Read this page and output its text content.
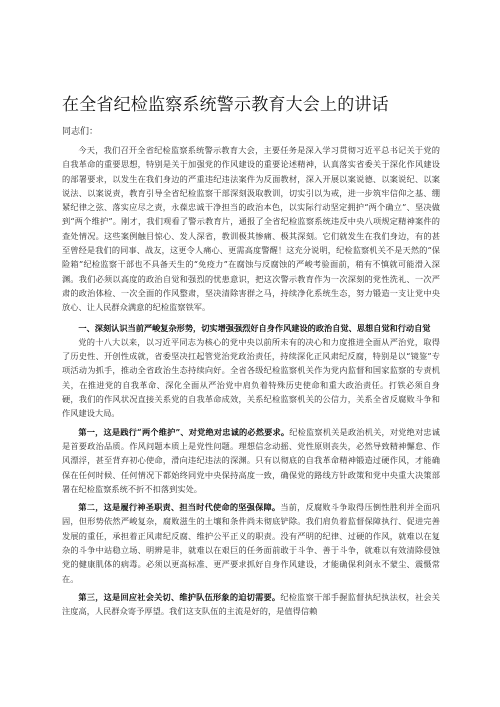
在全省纪检监察系统警示教育大会上的讲话

同志们：

今天，我们召开全省纪检监察系统警示教育大会，主要任务是深入学习贯彻习近平总书记关于党的自我革命的重要思想，特别是关于加强党的作风建设的重要论述精神，认真落实省委关于深化作风建设的部署要求，以发生在我们身边的严重违纪违法案件为反面教材，深入开展以案说德、以案说纪、以案说法、以案说责，教育引导全省纪检监察干部深刻汲取教训，切实引以为戒，进一步筑牢信仰之基、绷紧纪律之弦、落实应尽之责，永葆忠诚干净担当的政治本色，以实际行动坚定拥护“两个确立”、坚决做到“两个维护”。刚才，我们观看了警示教育片，通报了全省纪检监察系统违反中央八项规定精神案件的查处情况。这些案例触目惊心、发人深省，教训极其惨痛、极其深刻。它们就发生在我们身边，有的甚至曾经是我们的同事、战友，这更令人痛心、更需高度警醒！这充分说明，纪检监察机关不是天然的“保险箱”纪检监察干部也不具备天生的“免疫力”在腐蚀与反腐蚀的严峻考验面前，稍有不慎就可能滑入深渊。我们必须以高度的政治自觉和强烈的忧患意识，把这次警示教育作为一次深刻的党性洗礼、一次严肃的政治体检、一次全面的作风整肃，坚决清除害群之马，持续净化系统生态，努力锻造一支让党中央放心、让人民群众满意的纪检监察铁军。

一、深刻认识当前严峻复杂形势，切实增强强烈好自身作风建设的政治自觉、思想自觉和行动自觉

党的十八大以来，以习近平同志为核心的党中央以前所未有的决心和力度推进全面从严治党，取得了历史性、开创性成就，省委坚决扛起管党治党政治责任，持续深化正风肃纪反腐，特别是以“镜鉴”专项活动为抓手，推动全省政治生态持续向好。全省各级纪检监察机关作为党内监督和国家监察的专责机关，在推进党的自我革命、深化全面从严治党中肩负着特殊历史使命和重大政治责任。打铁必须自身硬，我们的作风状况直接关系党的自我革命成效，关系纪检监察机关的公信力，关系全省反腐败斗争和作风建设大局。

第一，这是践行“两个维护”、对党绝对忠诚的必然要求。纪检监察机关是政治机关，对党绝对忠诚是首要政治品质。作风问题本质上是党性问题。理想信念动摇、党性原则丧失，必然导致精神懈怠、作风漂浮，甚至背弃初心使命，滑向违纪违法的深渊。只有以彻底的自我革命精神锻造过硬作风，才能确保在任何时候、任何情况下都始终同党中央保持高度一致，确保党的路线方针政策和党中央重大决策部署在纪检监察系统不折不扣落到实处。

第二，这是履行神圣职责、担当时代使命的坚强保障。当前，反腐败斗争取得压倒性胜利并全面巩固，但形势依然严峻复杂，腐败滋生的土壤和条件尚未彻底铲除。我们肩负着监督保障执行、促进完善发展的重任，承担着正风肃纪反腐、维护公平正义的职责。没有严明的纪律、过硬的作风，就难以在复杂的斗争中站稳立场、明辨是非，就难以在艰巨的任务面前敢于斗争、善于斗争，就难以有效清除侵蚀党的健康肌体的病毒。必须以更高标准、更严要求抓好自身作风建设，才能确保利剑永不蒙尘、震慑常在。

第三，这是回应社会关切、维护队伍形象的迫切需要。纪检监察干部手握监督执纪执法权，社会关注度高，人民群众寄予厚望。我们这支队伍的主流是好的，是值得信赖
